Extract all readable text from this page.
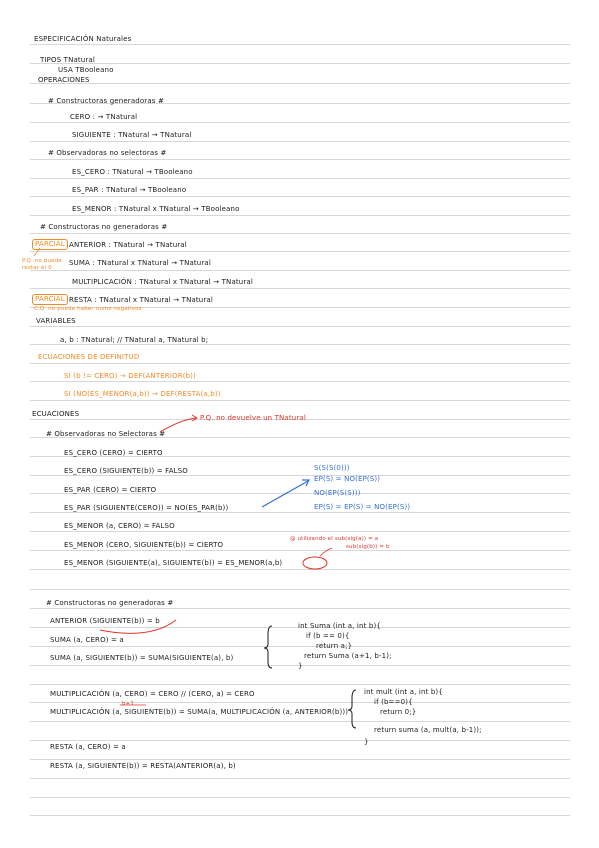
ESPECIFICACIÓN Naturales
TIPOS TNatural
USA TBooleano
OPERACIONES
# Constructoras generadoras #
CERO : → TNatural
SIGUIENTE : TNatural → TNatural
# Observadoras no selectoras #
ES_CERO : TNatural → TBooleano
ES_PAR : TNatural → TBooleano
ES_MENOR : TNatural x TNatural → TBooleano
# Constructoras no generadoras #
PARCIAL ANTERIOR : TNatural → TNatural
P.Q. no puede restar el 0
SUMA : TNatural x TNatural → TNatural
MULTIPLICACIÓN : TNatural x TNatural → TNatural
PARCIAL RESTA : TNatural x TNatural → TNatural
C.Q. no puede haber nums negativos
VARIABLES
a, b : TNatural; // TNatural a, TNatural b;
ECUACIONES DE DEFINITUD
SI (b != CERO) → DEF(ANTERIOR(b))
SI (NO(ES_MENOR(a,b)) → DEF(RESTA(a,b))
ECUACIONES	P.Q. no devuelve un TNatural
# Observadoras no Selectoras #
ES_CERO (CERO) = CIERTO
ES_CERO (SIGUIENTE(b)) = FALSO
ES_PAR (CERO) = CIERTO
ES_PAR (SIGUIENTE(CERO)) = NO(ES_PAR(b))
ES_MENOR (a, CERO) = FALSO
ES_MENOR (CERO, SIGUIENTE(b)) = CIERTO
ES_MENOR (SIGUIENTE(a), SIGUIENTE(b)) = ES_MENOR(a,b)
S(S(S(0)))
EP(S) = NO(EP(S))
NO(EP(S(S)))
EP(S) = EP(S) = NO(EP(S))
@ utilizando el sub(sig(a)) = a
sub(sig(b)) = b
# Constructoras no generadoras #
ANTERIOR (SIGUIENTE(b)) = b
SUMA (a, CERO) = a
SUMA (a, SIGUIENTE(b)) = SUMA(SIGUIENTE(a), b)
int Suma (int a, int b){
if (b == 0){
return a;}
return Suma (a+1, b-1);
}
MULTIPLICACIÓN (a, CERO) = CERO // (CERO, a) = CERO
b+1
MULTIPLICACIÓN (a, SIGUIENTE(b)) = SUMA(a, MULTIPLICACIÓN (a, ANTERIOR(b)))
int mult (int a, int b){
if (b==0){
return 0;}
return suma (a, mult(a, b-1));
}
RESTA (a, CERO) = a
RESTA (a, SIGUIENTE(b)) = RESTA(ANTERIOR(a), b)
